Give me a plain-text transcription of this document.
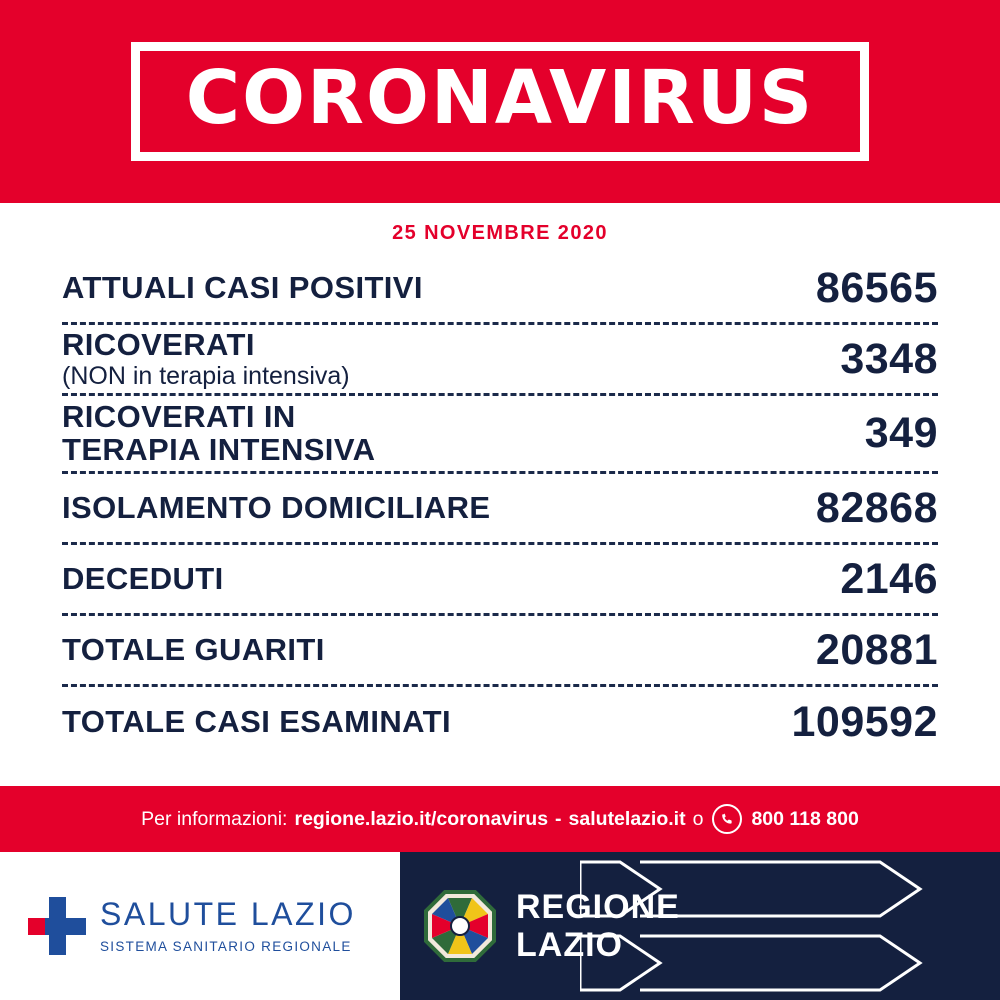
CORONAVIRUS
25 NOVEMBRE 2020
ATTUALI CASI POSITIVI	86565
RICOVERATI
(NON in terapia intensiva)	3348
RICOVERATI IN
TERAPIA INTENSIVA	349
ISOLAMENTO DOMICILIARE	82868
DECEDUTI	2146
TOTALE GUARITI	20881
TOTALE CASI ESAMINATI	109592
Per informazioni: regione.lazio.it/coronavirus - salutelazio.it o 800 118 800
SALUTE LAZIO
SISTEMA SANITARIO REGIONALE
REGIONE
LAZIO
